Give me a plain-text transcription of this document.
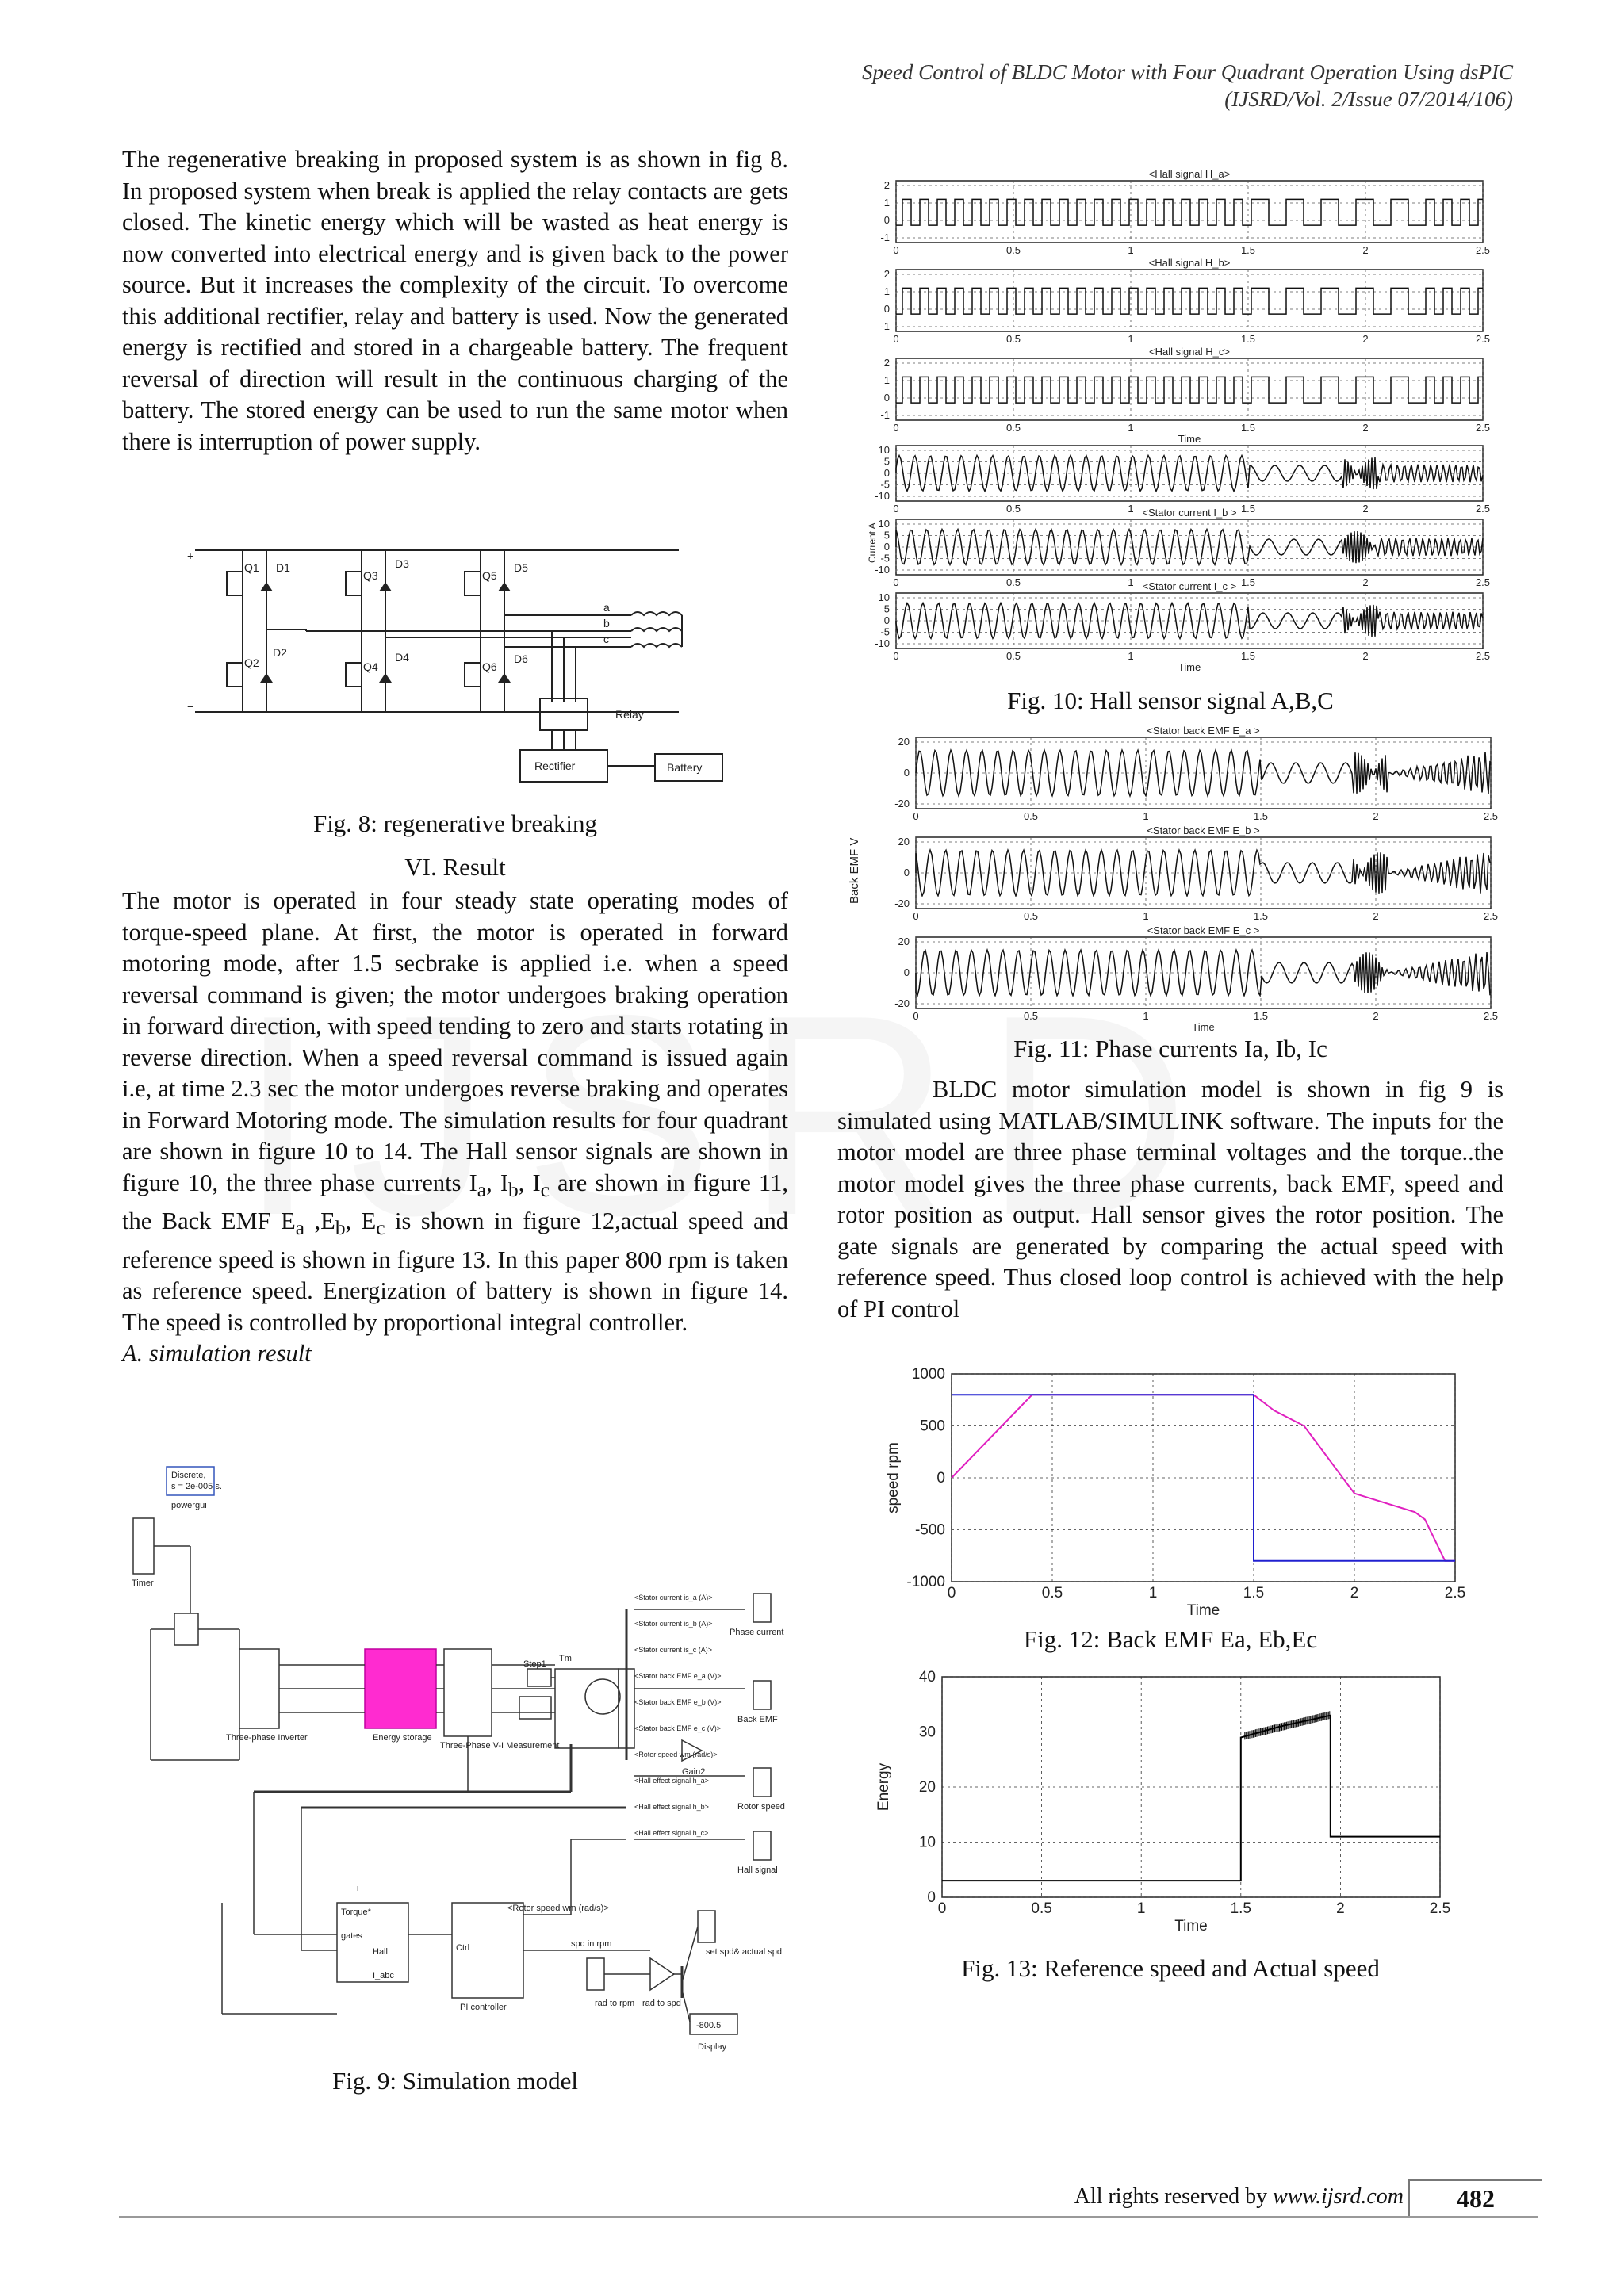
Speed Control of BLDC Motor with Four Quadrant Operation Using dsPIC
(IJSRD/Vol. 2/Issue 07/2014/106)

The regenerative breaking in proposed system is as shown in fig 8. In proposed system when break is applied the relay contacts are gets closed. The kinetic energy which will be wasted as heat energy is now converted into electrical energy and is given back to the power source. But it increases the complexity of the circuit. To overcome this additional rectifier, relay and battery is used. Now the generated energy is rectified and stored in a chargeable battery. The frequent reversal of direction will result in the continuous charging of the battery. The stored energy can be used to run the same motor when there is interruption of power supply.

+
−
Q1 D1
Q3
D3
Q5
D5
Q2
D2
Q4
D4
Q6
D6
a
b
c
Relay
Rectifier	Battery
Fig. 8: regenerative breaking
VI. Result

The motor is operated in four steady state operating modes of torque-speed plane. At first, the motor is operated in forward motoring mode, after 1.5 secbrake is applied i.e. when a speed reversal command is given; the motor undergoes braking operation in forward direction, with speed tending to zero and starts rotating in reverse direction. When a speed reversal command is issued again i.e, at time 2.3 sec the motor undergoes reverse braking and operates in Forward Motoring mode. The simulation results for four quadrant are shown in figure 10 to 14. The Hall sensor signals are shown in figure 10, the three phase currents $I_a$, $I_b$, $I_c$ are shown in figure 11, the Back EMF $E_a$ $,E_b$, $E_c$ is shown in figure 12,actual speed and reference speed is shown in figure 13. In this paper 800 rpm is taken as reference speed. Energization of battery is shown in figure 14. The speed is controlled by proportional integral controller.

A. simulation result

Discrete,
s = 2e-005 s.
powergui
Timer
Three-phase Inverter	Energy storage
Three-Phase V-I Measurement
Step1
Tm
Phase current
Back EMF
Rotor speed
Hall signal
Gain2
rad to rpm
set spd& actual spd
rad to spd
-800.5
Display
PI controller
Torque*
gates
Hall
I_abc
Ctrl	spd in rpm
<Rotor speed wm (rad/s)>
i
<Stator current is_a (A)>
<Stator current is_b (A)>
<Stator current is_c (A)>
<Stator back EMF e_a (V)>
<Stator back EMF e_b (V)>
<Stator back EMF e_c (V)>
<Rotor speed wm (rad/s)>
<Hall effect signal h_a>
<Hall effect signal h_b>
<Hall effect signal h_c>
Fig. 9: Simulation model
<Hall signal H_a>
2
1
0
-1
0	0.5	1	1.5	2	2.5
<Hall signal H_b>
2
1
0
-1
0	0.5	1	1.5	2	2.5
<Hall signal H_c>
2
1
0
-1
0	0.5	1	1.5	2	2.5
Time
10
5
0
-5
-10
0	0.5	1	1.5	2	2.5
<Stator current I_b >
10
5
0
-5
-10
0	0.5	1	1.5	2	2.5
<Stator current I_c >
10
5
0
-5
-10
0	0.5	1	1.5	2	2.5
Time
Current A
Fig. 10: Hall sensor signal A,B,C
<Stator back EMF E_a >
20
0
-20
0	0.5	1	1.5	2	2.5
<Stator back EMF E_b >
20
0
-20
0	0.5	1	1.5	2	2.5
<Stator back EMF E_c >
20
0
-20
0	0.5	1	1.5	2	2.5
Time
Back EMF V
Fig. 11: Phase currents Ia, Ib, Ic

BLDC motor simulation model is shown in fig 9 is simulated using MATLAB/SIMULINK software. The inputs for the motor model are three phase terminal voltages and the torque..the motor model gives the three phase currents, back EMF, speed and rotor position as output. Hall sensor gives the rotor position. The gate signals are generated by comparing the actual speed with reference speed. Thus closed loop control is achieved with the help of PI control

0	0.5	1	1.5	2	2.5
1000
500
0
-500
-1000
Time
speed rpm
Fig. 12: Back EMF Ea, Eb,Ec
0	0.5	1	1.5	2	2.5
40
30
20
10
0
Time
Energy
Fig. 13: Reference speed and Actual speed
All rights reserved by www.ijsrd.com	482
